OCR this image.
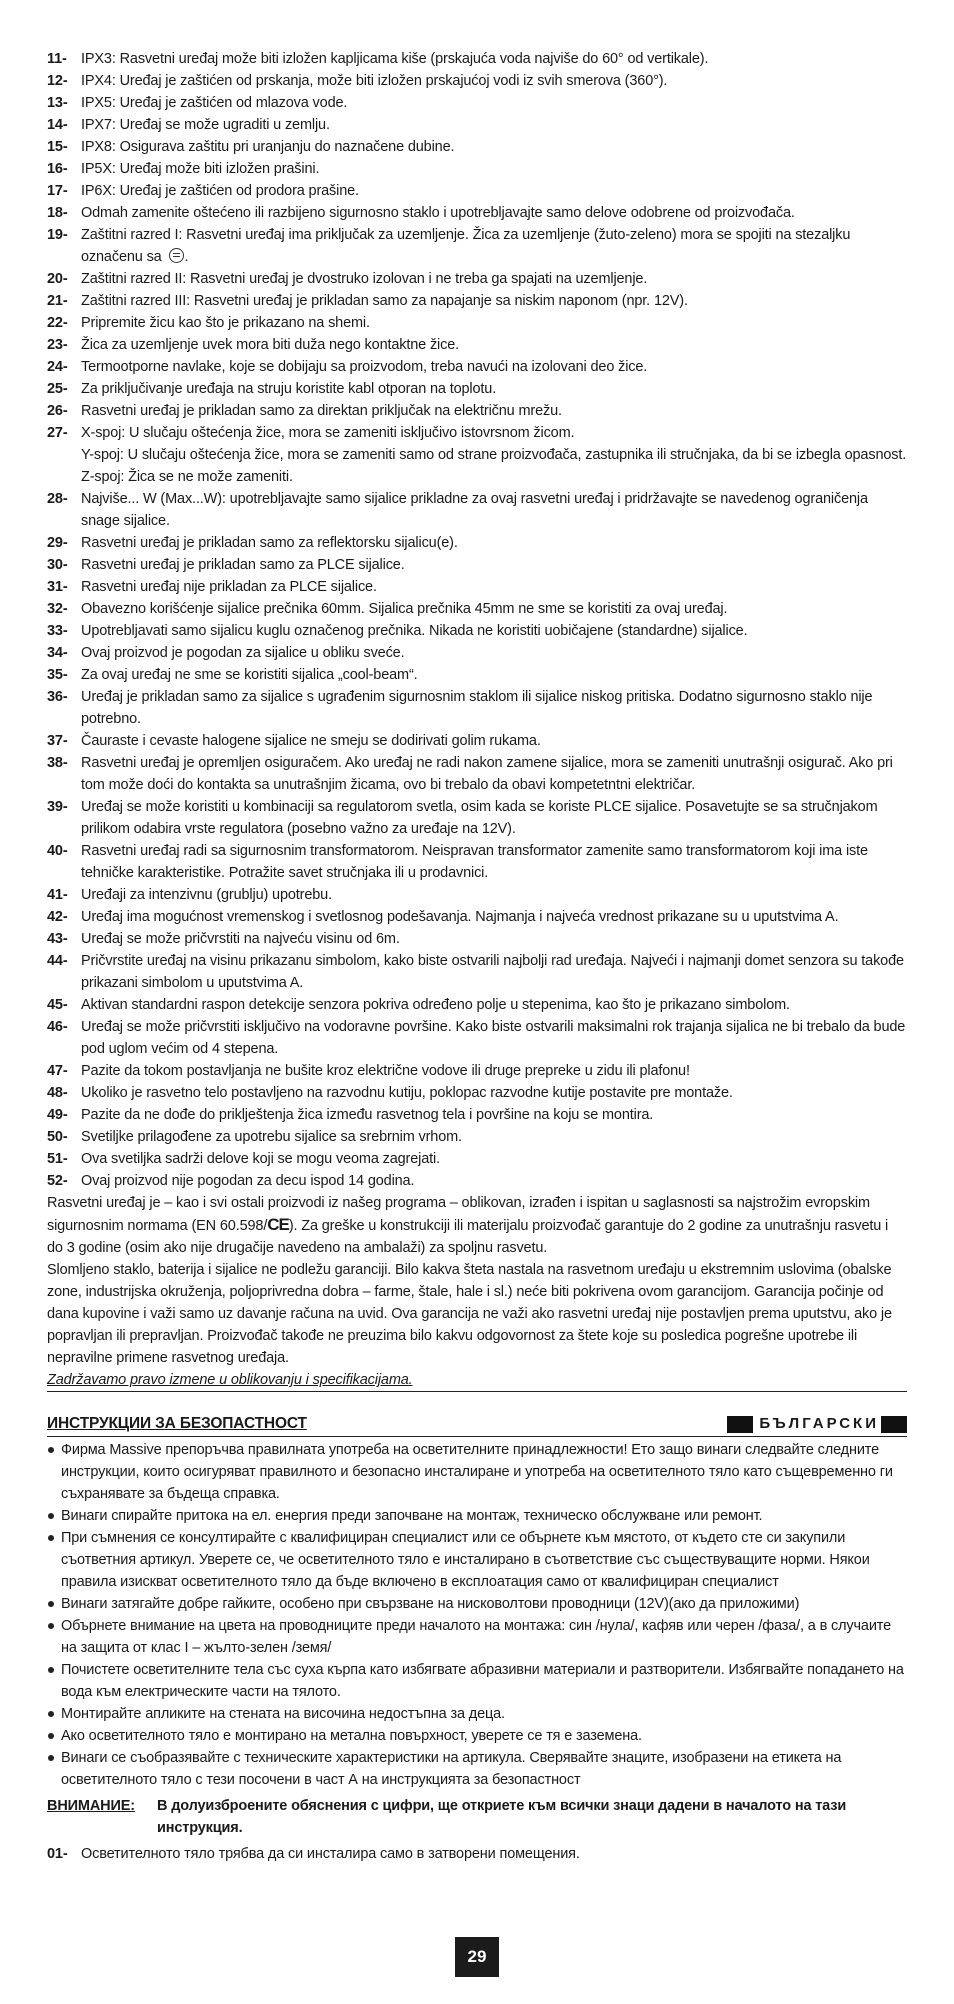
11- IPX3: Rasvetni uređaj može biti izložen kapljicama kiše (prskajuća voda najviše do 60° od vertikale).
12- IPX4: Uređaj je zaštićen od prskanja, može biti izložen prskajućoj vodi iz svih smerova (360°).
13- IPX5: Uređaj je zaštićen od mlazova vode.
14- IPX7: Uređaj se može ugraditi u zemlju.
15- IPX8: Osigurava zaštitu pri uranjanju do naznačene dubine.
16- IP5X: Uređaj može biti izložen prašini.
17- IP6X: Uređaj je zaštićen od prodora prašine.
18- Odmah zamenite oštećeno ili razbijeno sigurnosno staklo i upotrebljavajte samo delove odobrene od proizvođača.
19- Zaštitni razred I: Rasvetni uređaj ima priključak za uzemljenje. Žica za uzemljenje (žuto-zeleno) mora se spojiti na stezaljku označenu sa .
20- Zaštitni razred II: Rasvetni uređaj je dvostruko izolovan i ne treba ga spajati na uzemljenje.
21- Zaštitni razred III: Rasvetni uređaj je prikladan samo za napajanje sa niskim naponom (npr. 12V).
22- Pripremite žicu kao što je prikazano na shemi.
23- Žica za uzemljenje uvek mora biti duža nego kontaktne žice.
24- Termootporne navlake, koje se dobijaju sa proizvodom, treba navući na izolovani deo žice.
25- Za priključivanje uređaja na struju koristite kabl otporan na toplotu.
26- Rasvetni uređaj je prikladan samo za direktan priključak na električnu mrežu.
27- X-spoj: U slučaju oštećenja žice, mora se zameniti isključivo istovrsnom žicom.
Y-spoj: U slučaju oštećenja žice, mora se zameniti samo od strane proizvođača, zastupnika ili stručnjaka, da bi se izbegla opasnost.
Z-spoj: Žica se ne može zameniti.
28- Najviše... W (Max...W): upotrebljavajte samo sijalice prikladne za ovaj rasvetni uređaj i pridržavajte se navedenog ograničenja snage sijalice.
29- Rasvetni uređaj je prikladan samo za reflektorsku sijalicu(e).
30- Rasvetni uređaj je prikladan samo za PLCE sijalice.
31- Rasvetni uređaj nije prikladan za PLCE sijalice.
32- Obavezno korišćenje sijalice prečnika 60mm. Sijalica prečnika 45mm ne sme se koristiti za ovaj uređaj.
33- Upotrebljavati samo sijalicu kuglu označenog prečnika. Nikada ne koristiti uobičajene (standardne) sijalice.
34- Ovaj proizvod je pogodan za sijalice u obliku sveće.
35- Za ovaj uređaj ne sme se koristiti sijalica „cool-beam“.
36- Uređaj je prikladan samo za sijalice s ugrađenim sigurnosnim staklom ili sijalice niskog pritiska. Dodatno sigurnosno staklo nije potrebno.
37- Čauraste i cevaste halogene sijalice ne smeju se dodirivati golim rukama.
38- Rasvetni uređaj je opremljen osiguračem. Ako uređaj ne radi nakon zamene sijalice, mora se zameniti unutrašnji osigurač. Ako pri tom može doći do kontakta sa unutrašnjim žicama, ovo bi trebalo da obavi kompetetntni električar.
39- Uređaj se može koristiti u kombinaciji sa regulatorom svetla, osim kada se koriste PLCE sijalice. Posavetujte se sa stručnjakom prilikom odabira vrste regulatora (posebno važno za uređaje na 12V).
40- Rasvetni uređaj radi sa sigurnosnim transformatorom. Neispravan transformator zamenite samo transformatorom koji ima iste tehničke karakteristike. Potražite savet stručnjaka ili u prodavnici.
41- Uređaji za intenzivnu (grublju) upotrebu.
42- Uređaj ima mogućnost vremenskog i svetlosnog podešavanja. Najmanja i najveća vrednost prikazane su u uputstvima A.
43- Uređaj se može pričvrstiti na najveću visinu od 6m.
44- Pričvrstite uređaj na visinu prikazanu simbolom, kako biste ostvarili najbolji rad uređaja. Najveći i najmanji domet senzora su takođe prikazani simbolom u uputstvima A.
45- Aktivan standardni raspon detekcije senzora pokriva određeno polje u stepenima, kao što je prikazano simbolom.
46- Uređaj se može pričvrstiti isključivo na vodoravne površine. Kako biste ostvarili maksimalni rok trajanja sijalica ne bi trebalo da bude pod uglom većim od 4 stepena.
47- Pazite da tokom postavljanja ne bušite kroz električne vodove ili druge prepreke u zidu ili plafonu!
48- Ukoliko je rasvetno telo postavljeno na razvodnu kutiju, poklopac razvodne kutije postavite pre montaže.
49- Pazite da ne dođe do priklještenja žica između rasvetnog tela i površine na koju se montira.
50- Svetiljke prilagođene za upotrebu sijalice sa srebrnim vrhom.
51- Ova svetiljka sadrži delove koji se mogu veoma zagrejati.
52- Ovaj proizvod nije pogodan za decu ispod 14 godina.

Rasvetni uređaj je – kao i svi ostali proizvodi iz našeg programa – oblikovan, izrađen i ispitan u saglasnosti sa najstrožim evropskim sigurnosnim normama (EN 60.598/CE). Za greške u konstrukciji ili materijalu proizvođač garantuje do 2 godine za unutrašnju rasvetu i do 3 godine (osim ako nije drugačije navedeno na ambalaži) za spoljnu rasvetu.

Slomljeno staklo, baterija i sijalice ne podležu garanciji. Bilo kakva šteta nastala na rasvetnom uređaju u ekstremnim uslovima (obalske zone, industrijska okruženja, poljoprivredna dobra – farme, štale, hale i sl.) neće biti pokrivena ovom garancijom. Garancija počinje od dana kupovine i važi samo uz davanje računa na uvid. Ova garancija ne važi ako rasvetni uređaj nije postavljen prema uputstvu, ako je popravljan ili prepravljan. Proizvođač takođe ne preuzima bilo kakvu odgovornost za štete koje su posledica pogrešne upotrebe ili nepravilne primene rasvetnog uređaja.

Zadržavamo pravo izmene u oblikovanju i specifikacijama.

ИНСТРУКЦИИ ЗА БЕЗОПАСТНОСТ	БЪЛГАРСКИ
Фирма Massive препоръчва правилната употреба на осветителните принадлежности! Ето защо винаги следвайте следните инструкции, които осигуряват правилното и безопасно инсталиране и употреба на осветителното тяло като същевременно ги съхранявате за бъдеща справка.
Винаги спирайте притока на ел. енергия преди започване на монтаж, техническо обслужване или ремонт.
При съмнения се консултирайте с квалифициран специалист или се обърнете към мястото, от където сте си закупили съответния артикул. Уверете се, че осветителното тяло е инсталирано в съответствие със съществуващите норми. Някои правила изискват осветителното тяло да бъде включено в експлоатация само от квалифициран специалист
Винаги затягайте добре гайките, особено при свързване на нисковолтови проводници (12V)(ако да приложими)
Обърнете внимание на цвета на проводниците преди началото на монтажа: син /нула/, кафяв или черен /фаза/, а в случаите на защита от клас I – жълто-зелен /земя/
Почистете осветителните тела със суха кърпа като избягвате абразивни материали и разтворители. Избягвайте попадането на вода към електрическите части на тялото.
Монтирайте апликите на стената на височина недостъпна за деца.
Ако осветителното тяло е монтирано на метална повърхност, уверете се тя е заземена.
Винаги се съобразявайте с техническите характеристики на артикула. Сверявайте знаците, изобразени на етикета на осветителното тяло с тези посочени в част А на инструкцията за безопастност
ВНИМАНИЕ: В долуизброените обяснения с цифри, ще откриете към всички знаци дадени в началото на тази инструкция.
01- Осветителното тяло трябва да си инсталира само в затворени помещения.
29
